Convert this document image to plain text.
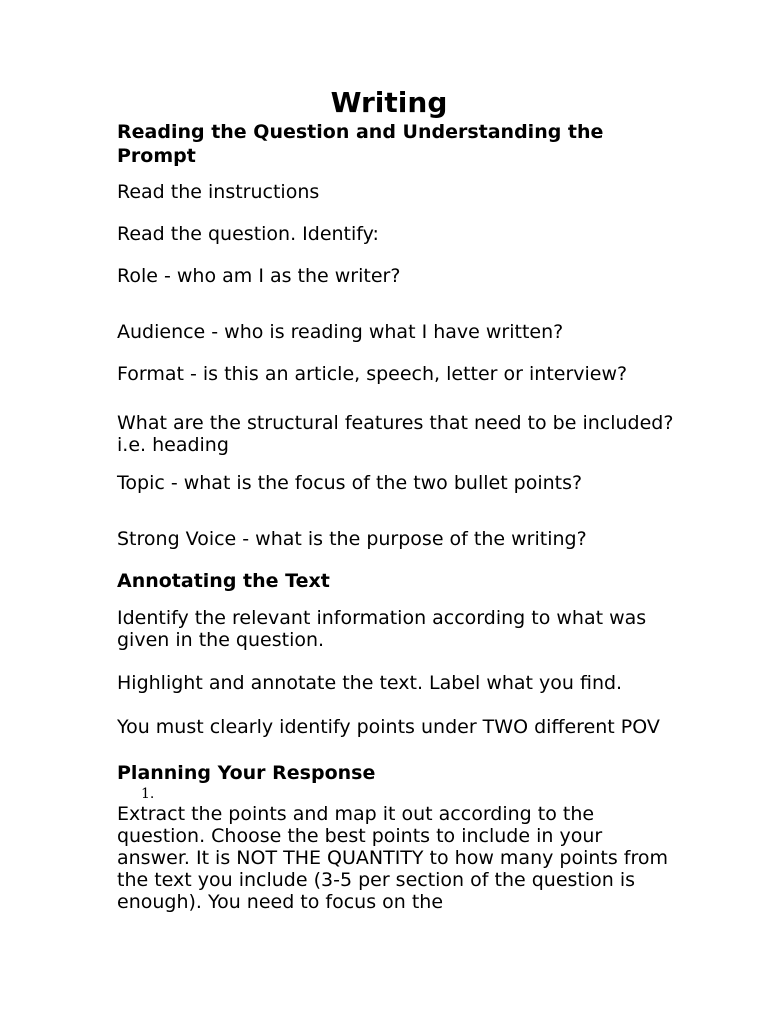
Writing
Reading the Question and Understanding the Prompt

Read the instructions

Read the question. Identify:

Role - who am I as the writer?

Audience - who is reading what I have written?

Format - is this an article, speech, letter or interview?

What are the structural features that need to be included? i.e. heading

Topic - what is the focus of the two bullet points?

Strong Voice - what is the purpose of the writing?

Annotating the Text

Identify the relevant information according to what was given in the question.

Highlight and annotate the text. Label what you find.

You must clearly identify points under TWO different POV

Planning Your Response
1.

Extract the points and map it out according to the question. Choose the best points to include in your answer. It is NOT THE QUANTITY to how many points from the text you include (3-5 per section of the question is enough). You need to focus on the
